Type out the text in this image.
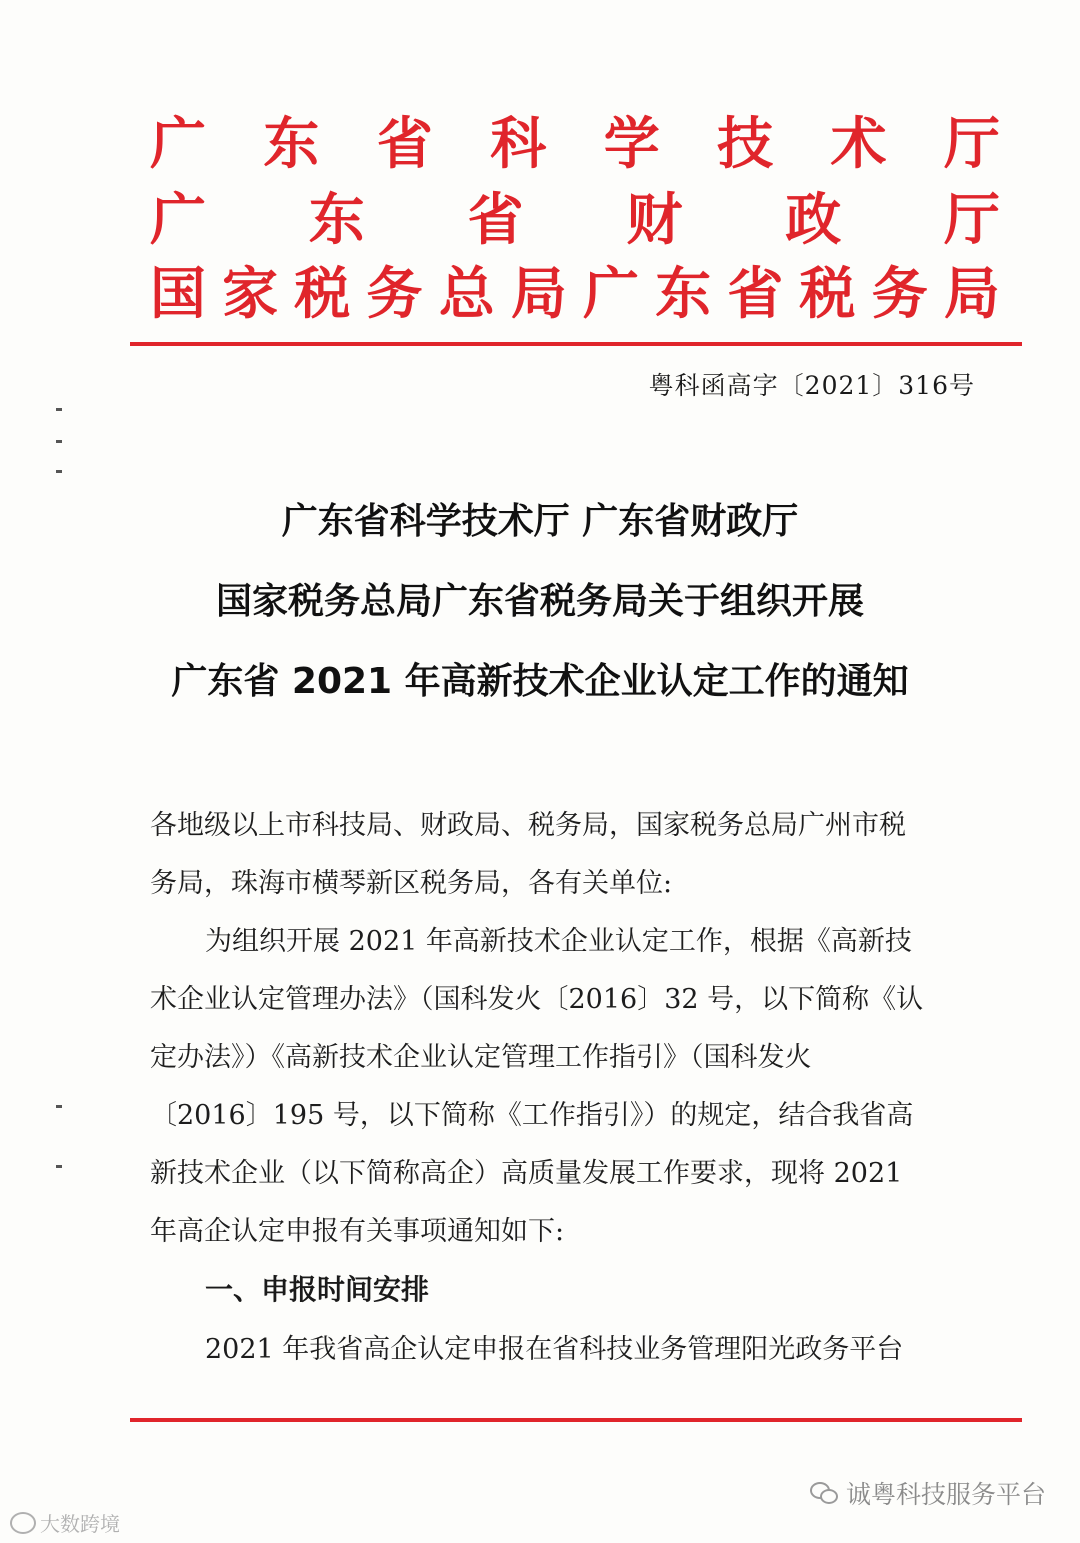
广 东 省 科 学 技 术 厅
广 东 省 财 政 厅
国 家 税 务 总 局 广 东 省 税 务 局
粤科函高字〔2021〕316号
广东省科学技术厅 广东省财政厅
国家税务总局广东省税务局关于组织开展
广东省 2021 年高新技术企业认定工作的通知
各地级以上市科技局、财政局、税务局，国家税务总局广州市税
务局，珠海市横琴新区税务局，各有关单位:
为组织开展 2021 年高新技术企业认定工作，根据《高新技
术企业认定管理办法》（国科发火〔2016〕32 号，以下简称《认
定办法》）《高新技术企业认定管理工作指引》（国科发火
〔2016〕195 号，以下简称《工作指引》）的规定，结合我省高
新技术企业（以下简称高企）高质量发展工作要求，现将 2021
年高企认定申报有关事项通知如下:
一、申报时间安排
2021 年我省高企认定申报在省科技业务管理阳光政务平台
诚粤科技服务平台
大数跨境
